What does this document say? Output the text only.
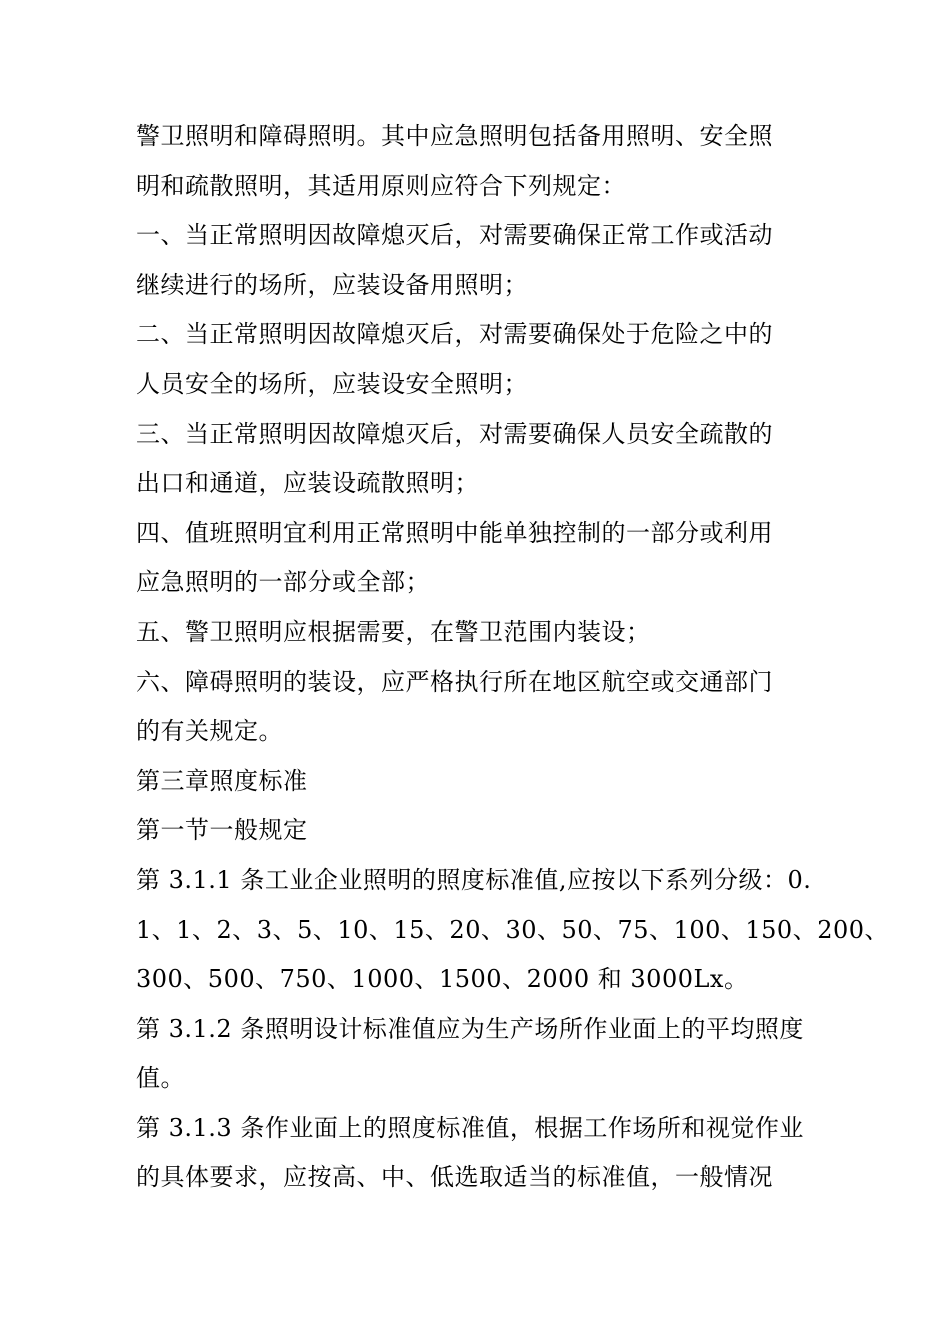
警卫照明和障碍照明。其中应急照明包括备用照明、安全照
明和疏散照明，其适用原则应符合下列规定：
一、当正常照明因故障熄灭后，对需要确保正常工作或活动
继续进行的场所，应装设备用照明；
二、当正常照明因故障熄灭后，对需要确保处于危险之中的
人员安全的场所，应装设安全照明；
三、当正常照明因故障熄灭后，对需要确保人员安全疏散的
出口和通道，应装设疏散照明；
四、值班照明宜利用正常照明中能单独控制的一部分或利用
应急照明的一部分或全部；
五、警卫照明应根据需要，在警卫范围内装设；
六、障碍照明的装设，应严格执行所在地区航空或交通部门
的有关规定。
第三章照度标准
第一节一般规定
第 3.1.1 条工业企业照明的照度标准值,应按以下系列分级：0.
1、1、2、3、5、10、15、20、30、50、75、100、150、200、
300、500、750、1000、1500、2000 和 3000Lx。
第 3.1.2 条照明设计标准值应为生产场所作业面上的平均照度
值。
第 3.1.3 条作业面上的照度标准值，根据工作场所和视觉作业
的具体要求，应按高、中、低选取适当的标准值，一般情况
